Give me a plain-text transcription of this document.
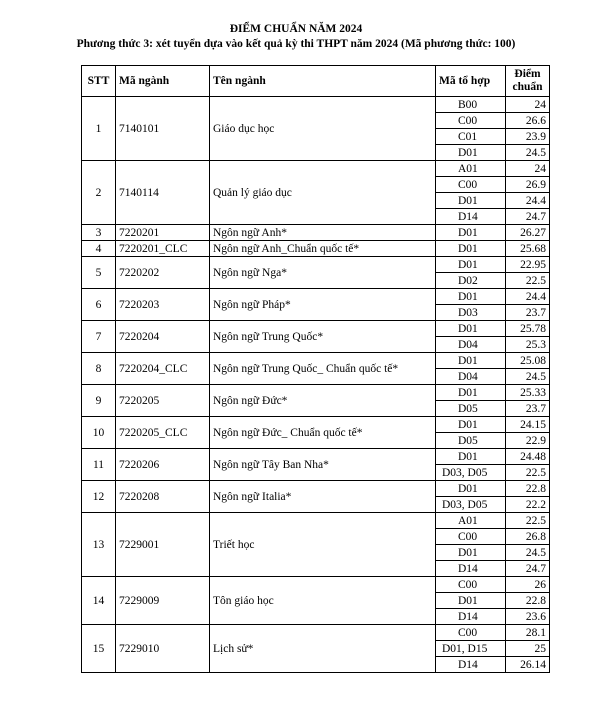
ĐIỂM CHUẨN NĂM 2024
Phương thức 3: xét tuyển dựa vào kết quả kỳ thi THPT năm 2024 (Mã phương thức: 100)
STT	Mã ngành	Tên ngành	Mã tổ hợp	Điểm chuẩn
1	7140101	Giáo dục học	B00	24
			C00	26.6
			C01	23.9
			D01	24.5
2	7140114	Quản lý giáo dục	A01	24
			C00	26.9
			D01	24.4
			D14	24.7
3	7220201	Ngôn ngữ Anh*	D01	26.27
4	7220201_CLC	Ngôn ngữ Anh_Chuẩn quốc tế*	D01	25.68
5	7220202	Ngôn ngữ Nga*	D01	22.95
			D02	22.5
6	7220203	Ngôn ngữ Pháp*	D01	24.4
			D03	23.7
7	7220204	Ngôn ngữ Trung Quốc*	D01	25.78
			D04	25.3
8	7220204_CLC	Ngôn ngữ Trung Quốc_ Chuẩn quốc tế*	D01	25.08
			D04	24.5
9	7220205	Ngôn ngữ Đức*	D01	25.33
			D05	23.7
10	7220205_CLC	Ngôn ngữ Đức_ Chuẩn quốc tế*	D01	24.15
			D05	22.9
11	7220206	Ngôn ngữ Tây Ban Nha*	D01	24.48
			D03, D05	22.5
12	7220208	Ngôn ngữ Italia*	D01	22.8
			D03, D05	22.2
13	7229001	Triết học	A01	22.5
			C00	26.8
			D01	24.5
			D14	24.7
14	7229009	Tôn giáo học	C00	26
			D01	22.8
			D14	23.6
15	7229010	Lịch sử*	C00	28.1
			D01, D15	25
			D14	26.14
